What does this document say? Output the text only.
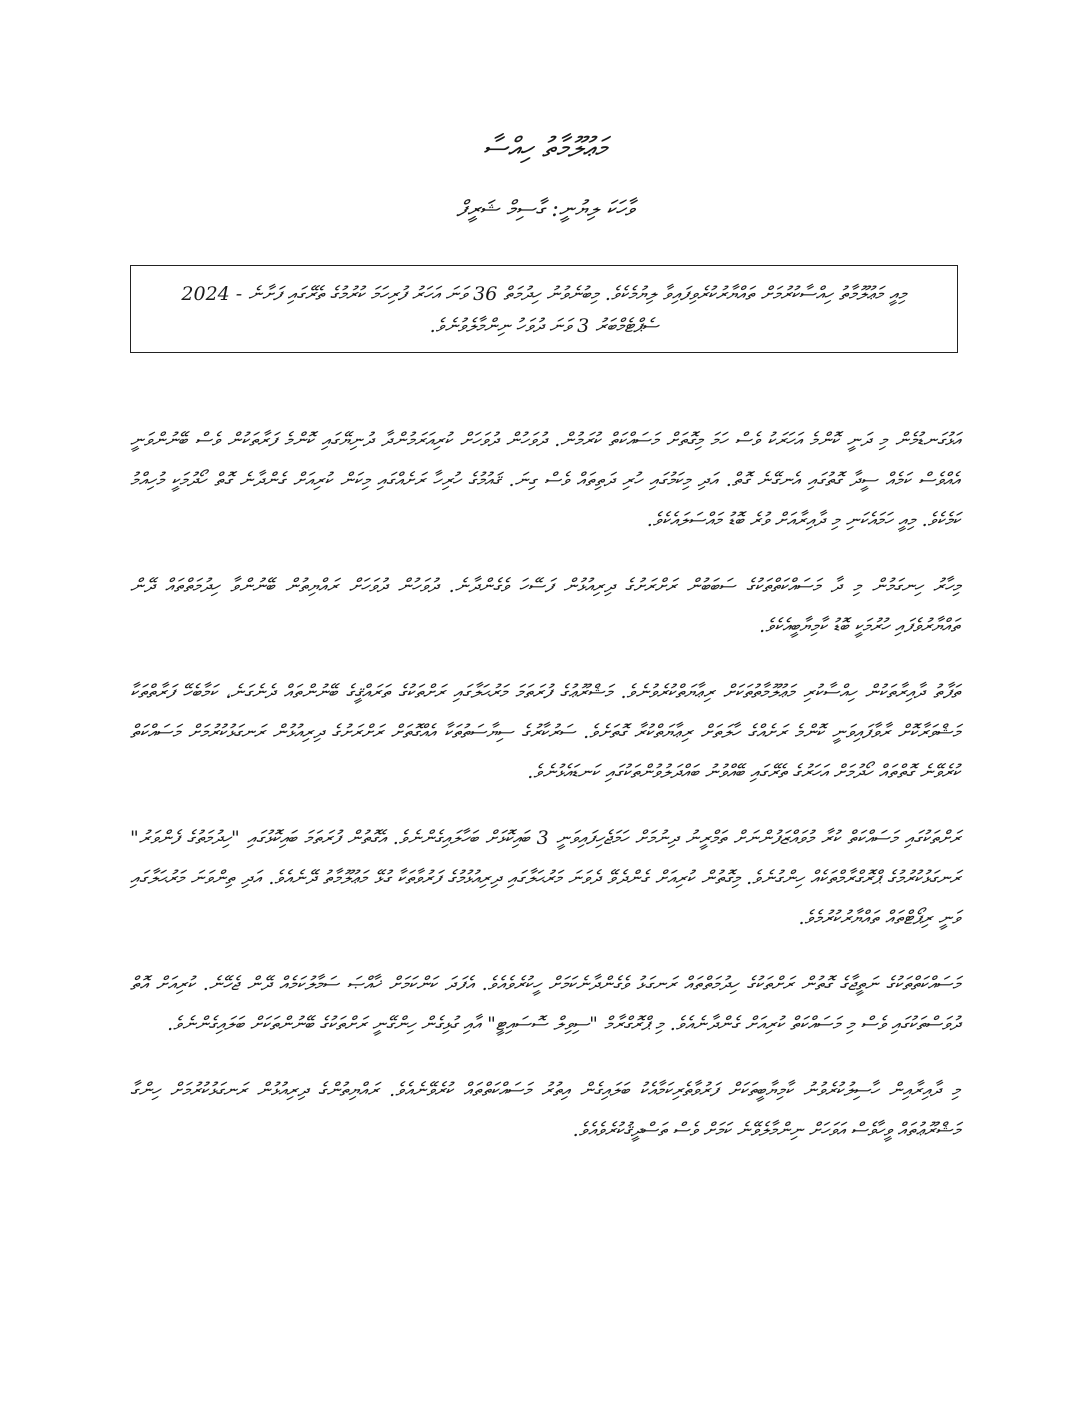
މަޢުލޫމާތު ހިއްސާ
ވާހަކަ ލިޔުނީ: ގާސިމް ޝަރީފް
މިއީ މަޢުލޫމާތު ހިއްސާކުރުމަށް ތައްޔާރުކުރެވިފައިވާ ލިޔުމެކެވެ. މިބުނެވުނު ހިދުމަތް 36 ވަނަ އަހަރު ފުރިހަމަ ކުރުމުގެ ތެރޭގައި ފަށާނެ - 2024 ސެޕްޓެމްބަރު 3 ވަނަ ދުވަހު ނިންމާލެވުނެވެ.

އަޅުގަނޑުމެން މި ދަނީ ކޮންމެ އަހަރަކު ވެސް ހަމަ މިގޮތަށް މަސައްކަތް ކުރަމުން. ދުވަހުން ދުވަހަށް ކުރިއަރަމުންދާ ދުނިޔޭގައި ކޮންމެ ފަރާތަކުން ވެސް ބޭނުންވަނީ އެއްވެސް ކަމެއް ސީދާ ގޮތުގައި އެނގޭނެ ގޮތް. އަދި މިކަމުގައި ހުރި ދަތިތައް ވެސް ގިނަ. ޤައުމުގެ ހުރިހާ ރަށެއްގައި މިކަން ކުރިއަށް ގެންދާނެ ގޮތް ހޯދުމަކީ މުހިއްމު ކަމެކެވެ. މިއީ ހަމައެކަނި މި ދާއިރާއަށް ވުރެ ބޮޑު މައްސަލައެކެވެ.

މިހާރު ހިނގަމުން މި ދާ މަސައްކަތްތަކުގެ ސަބަބުން ރަށްރަށުގެ ދިރިއުޅުން ފަސޭހަ ވެގެންދާނެ. ދުވަހުން ދުވަހަށް ރައްޔިތުން ބޭނުންވާ ހިދުމަތްތައް ދޭން ތައްޔާރުވެފައި ހުރުމަކީ ބޮޑު ކާމިޔާބީއެކެވެ.

ތަފާތު ދާއިރާތަކުން ހިއްސާކުރި މަޢުލޫމާތުތަކަށް ރިޢާޔަތްކުރެވުނެވެ. މަޝްރޫޢުގެ ފުރަތަމަ މަރުޙަލާގައި ރަށްތަކުގެ ތަރައްޤީގެ ބޭނުންތައް ދެނެގަނެ، ކަމާބެހޭ ފަރާތްތަކާ މަޝްވަރާކޮށް ރާވާފައިވަނީ ކޮންމެ ރަށެއްގެ ހާލަތަށް ރިޢާޔަތްކުރާ ގޮތަށެވެ. ސަރުކާރުގެ ސިޔާސަތުތަކާ އެއްގޮތަށް ރަށްރަށުގެ ދިރިއުޅުން ރަނގަޅުކުރުމަށް މަސައްކަތް ކުރެވޭނެ ގޮތްތައް ހޯދުމަށް އަހަރުގެ ތެރޭގައި ބޭއްވުނު ބައްދަލުވުންތަކުގައި ކަނޑައެޅުނެވެ.

ރަށްތަކުގައި މަސައްކަތް ކުރާ މުވައްޒަފުންނަށް ތަމްރީނު ދިނުމަށް ހަމަޖެހިފައިވަނީ 3 ބައިކޮޅަށް ބަހާލައިގެންނެވެ. އެގޮތުން ފުރަތަމަ ބައިކޮޅުގައި "ހިދުމަތުގެ ފެންވަރު" ރަނގަޅުކުރުމުގެ ޕްރޮގްރާމްތަކެއް ހިންގުނެވެ. މިގޮތުން ކުރިއަށް ގެންދެވޭ ދެވަނަ މަރުޙަލާގައި ދިރިއުޅުމުގެ ފަރުވާތަކާ ގުޅޭ މަޢުލޫމާތު ދޭނެއެވެ. އަދި ތިންވަނަ މަރުޙަލާގައި ވަނީ ރިޕޯޓްތައް ތައްޔާރުކުރުމެވެ.

މަސައްކަތްތަކުގެ ނަތީޖާގެ ގޮތުން ރަށްތަކުގެ ހިދުމަތްތައް ރަނގަޅު ވެގެންދާނެކަމަށް ހީކުރެވެއެވެ. އެފަދަ ކަންކަމަށް ޚާއްޞަ ސަމާލުކަމެއް ދޭން ޖެހޭނެ. ކުރިއަށް އޮތް ދުވަސްތަކުގައި ވެސް މި މަސައްކަތް ކުރިއަށް ގެންދާނެއެވެ. މި ޕްރޮގްރާމް "ސިވިލް ސޮސައިޓީ" އާއި ގުޅިގެން ހިންގޭނީ ރަށްތަކުގެ ބޭނުންތަކަށް ބަލައިގެންނެވެ.

މި ދާއިރާއިން ހާސިލުކުރެވުނު ކާމިޔާބީތަކަށް ފަރުވާތެރިކަމާއެކު ބަލައިގެން އިތުރު މަސައްކަތްތައް ކުރެވޭނެއެވެ. ރައްޔިތުންގެ ދިރިއުޅުން ރަނގަޅުކުރުމަށް ހިންގާ މަޝްރޫޢުތައް ވީހާވެސް އަވަހަށް ނިންމާލެވޭނެ ކަމަށް ވެސް ތަސްދީޤުކުރެވެއެވެ.
